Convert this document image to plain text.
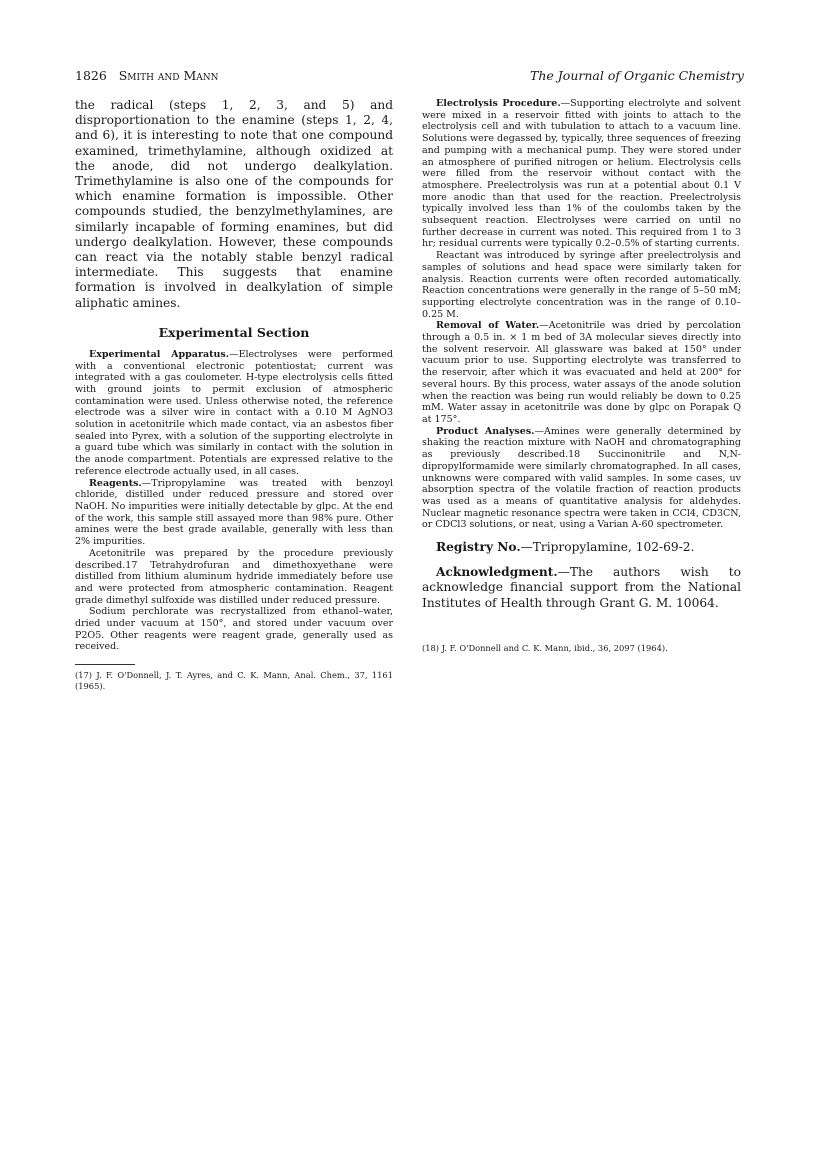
1826 Smith and Mann	The Journal of Organic Chemistry

the radical (steps 1, 2, 3, and 5) and disproportionation to the enamine (steps 1, 2, 4, and 6), it is interesting to note that one compound examined, trimethylamine, although oxidized at the anode, did not undergo dealkylation. Trimethylamine is also one of the compounds for which enamine formation is impossible. Other compounds studied, the benzylmethylamines, are similarly incapable of forming enamines, but did undergo dealkylation. However, these compounds can react via the notably stable benzyl radical intermediate. This suggests that enamine formation is involved in dealkylation of simple aliphatic amines.

Experimental Section

Experimental Apparatus.—Electrolyses were performed with a conventional electronic potentiostat; current was integrated with a gas coulometer. H-type electrolysis cells fitted with ground joints to permit exclusion of atmospheric contamination were used. Unless otherwise noted, the reference electrode was a silver wire in contact with a 0.10 M AgNO3 solution in acetonitrile which made contact, via an asbestos fiber sealed into Pyrex, with a solution of the supporting electrolyte in a guard tube which was similarly in contact with the solution in the anode compartment. Potentials are expressed relative to the reference electrode actually used, in all cases.

Reagents.—Tripropylamine was treated with benzoyl chloride, distilled under reduced pressure and stored over NaOH. No impurities were initially detectable by glpc. At the end of the work, this sample still assayed more than 98% pure. Other amines were the best grade available, generally with less than 2% impurities.

Acetonitrile was prepared by the procedure previously described.17 Tetrahydrofuran and dimethoxyethane were distilled from lithium aluminum hydride immediately before use and were protected from atmospheric contamination. Reagent grade dimethyl sulfoxide was distilled under reduced pressure.

Sodium perchlorate was recrystallized from ethanol–water, dried under vacuum at 150°, and stored under vacuum over P2O5. Other reagents were reagent grade, generally used as received.

(17) J. F. O'Donnell, J. T. Ayres, and C. K. Mann, Anal. Chem., 37, 1161 (1965).

Electrolysis Procedure.—Supporting electrolyte and solvent were mixed in a reservoir fitted with joints to attach to the electrolysis cell and with tubulation to attach to a vacuum line. Solutions were degassed by, typically, three sequences of freezing and pumping with a mechanical pump. They were stored under an atmosphere of purified nitrogen or helium. Electrolysis cells were filled from the reservoir without contact with the atmosphere. Preelectrolysis was run at a potential about 0.1 V more anodic than that used for the reaction. Preelectrolysis typically involved less than 1% of the coulombs taken by the subsequent reaction. Electrolyses were carried on until no further decrease in current was noted. This required from 1 to 3 hr; residual currents were typically 0.2–0.5% of starting currents.

Reactant was introduced by syringe after preelectrolysis and samples of solutions and head space were similarly taken for analysis. Reaction currents were often recorded automatically. Reaction concentrations were generally in the range of 5–50 mM; supporting electrolyte concentration was in the range of 0.10–0.25 M.

Removal of Water.—Acetonitrile was dried by percolation through a 0.5 in. × 1 m bed of 3A molecular sieves directly into the solvent reservoir. All glassware was baked at 150° under vacuum prior to use. Supporting electrolyte was transferred to the reservoir, after which it was evacuated and held at 200° for several hours. By this process, water assays of the anode solution when the reaction was being run would reliably be down to 0.25 mM. Water assay in acetonitrile was done by glpc on Porapak Q at 175°.

Product Analyses.—Amines were generally determined by shaking the reaction mixture with NaOH and chromatographing as previously described.18 Succinonitrile and N,N-dipropylformamide were similarly chromatographed. In all cases, unknowns were compared with valid samples. In some cases, uv absorption spectra of the volatile fraction of reaction products was used as a means of quantitative analysis for aldehydes. Nuclear magnetic resonance spectra were taken in CCl4, CD3CN, or CDCl3 solutions, or neat, using a Varian A-60 spectrometer.

Registry No.—Tripropylamine, 102-69-2.

Acknowledgment.—The authors wish to acknowledge financial support from the National Institutes of Health through Grant G. M. 10064.

(18) J. F. O'Donnell and C. K. Mann, ibid., 36, 2097 (1964).
